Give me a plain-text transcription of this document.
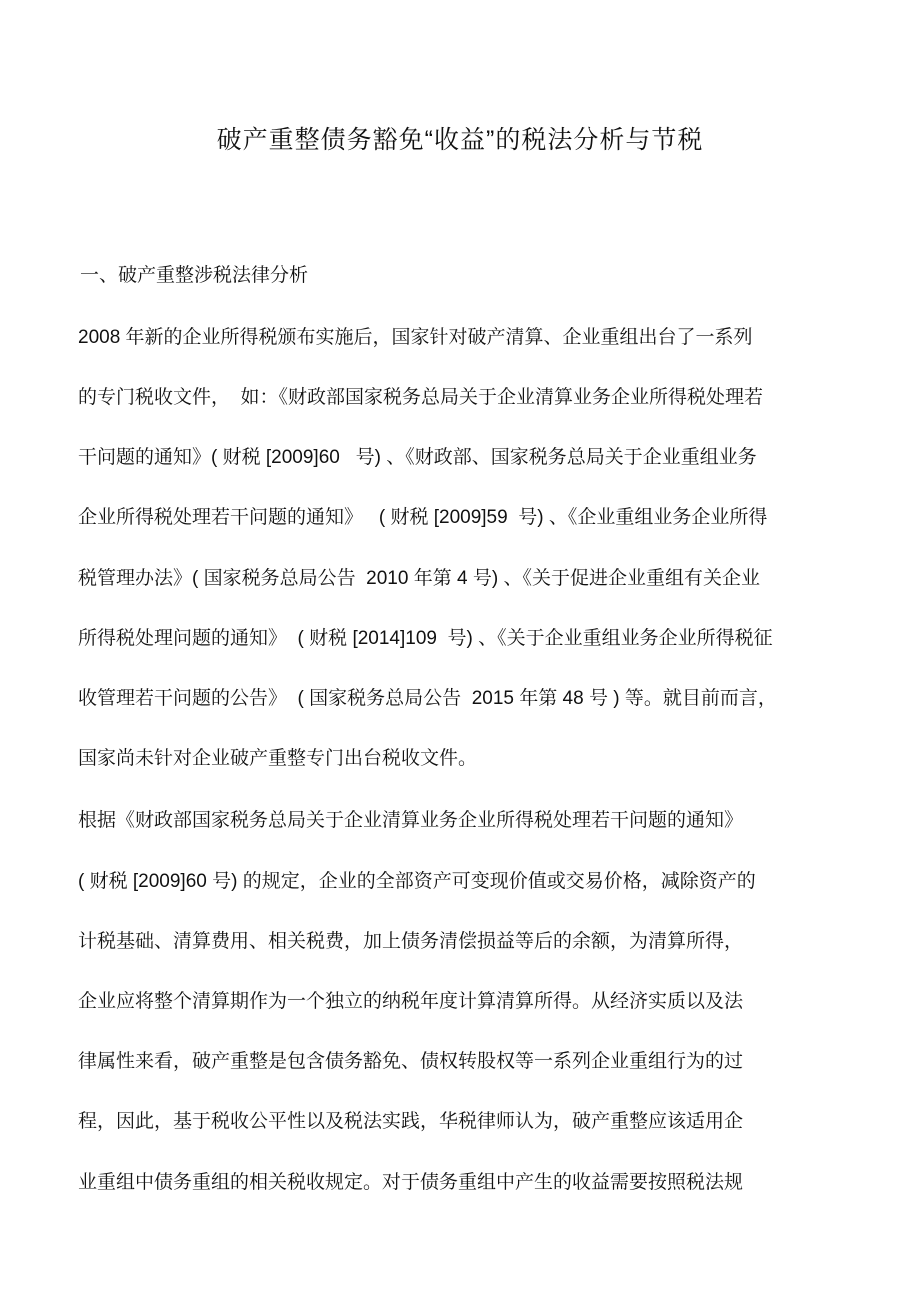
破产重整债务豁免“收益”的税法分析与节税
一、破产重整涉税法律分析
2008 年新的企业所得税颁布实施后，国家针对破产清算、企业重组出台了一系列
的专门税收文件，  如：《财政部国家税务总局关于企业清算业务企业所得税处理若
干问题的通知》( 财税 [2009]60   号) 、《财政部、国家税务总局关于企业重组业务
企业所得税处理若干问题的通知》   ( 财税 [2009]59  号) 、《企业重组业务企业所得
税管理办法》( 国家税务总局公告  2010 年第 4 号) 、《关于促进企业重组有关企业
所得税处理问题的通知》  ( 财税 [2014]109  号) 、《关于企业重组业务企业所得税征
收管理若干问题的公告》  ( 国家税务总局公告  2015 年第 48 号 ) 等。就目前而言，
国家尚未针对企业破产重整专门出台税收文件。
根据《财政部国家税务总局关于企业清算业务企业所得税处理若干问题的通知》
( 财税 [2009]60 号) 的规定，企业的全部资产可变现价值或交易价格，减除资产的
计税基础、清算费用、相关税费，加上债务清偿损益等后的余额，为清算所得，
企业应将整个清算期作为一个独立的纳税年度计算清算所得。从经济实质以及法
律属性来看，破产重整是包含债务豁免、债权转股权等一系列企业重组行为的过
程，因此，基于税收公平性以及税法实践，华税律师认为，破产重整应该适用企
业重组中债务重组的相关税收规定。对于债务重组中产生的收益需要按照税法规
